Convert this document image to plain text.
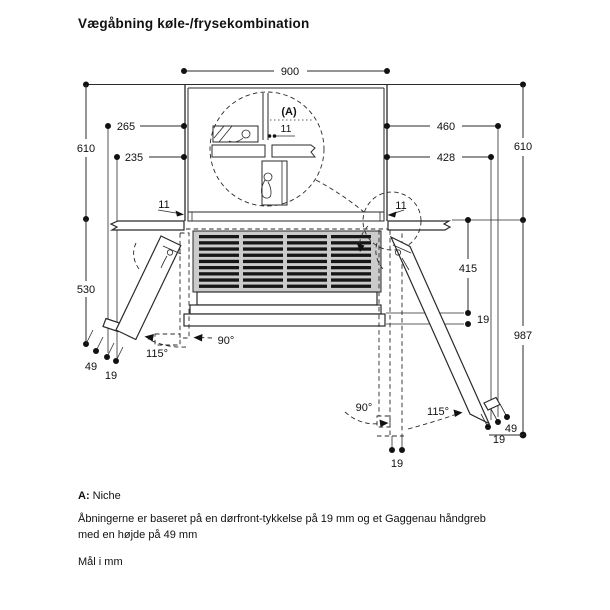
Vægåbning køle-/frysekombination
900
11	11
265
235
610
530
460
428
610
415
19
987
49
19
19
49
19
115°
90°
90°	115°
(A)
11
A: Niche
Åbningerne er baseret på en dørfront-tykkelse på 19 mm og et Gaggenau håndgreb med en højde på 49 mm
Mål i mm
